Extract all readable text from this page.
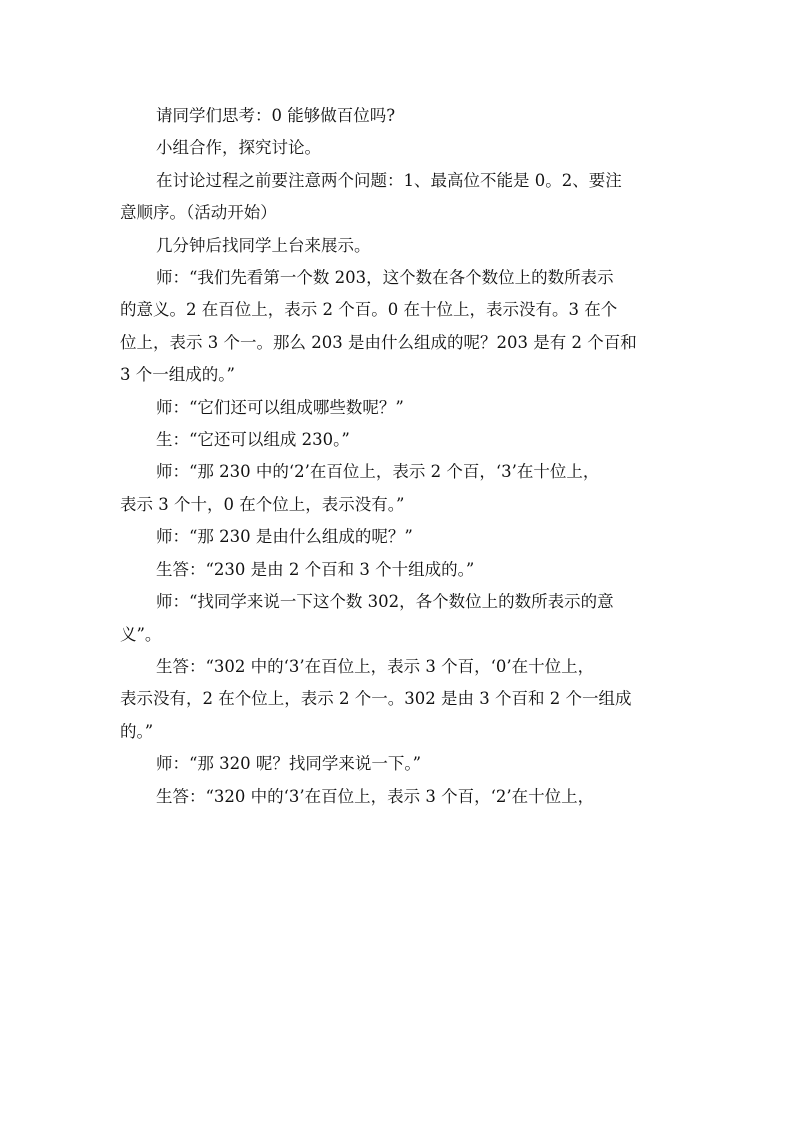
请同学们思考：0 能够做百位吗?

小组合作，探究讨论。

在讨论过程之前要注意两个问题：1、最高位不能是 0。2、要注
意顺序。（活动开始）

几分钟后找同学上台来展示。

师：“我们先看第一个数 203，这个数在各个数位上的数所表示
的意义。2 在百位上，表示 2 个百。0 在十位上，表示没有。3 在个
位上，表示 3 个一。那么 203 是由什么组成的呢？203 是有 2 个百和
3 个一组成的。”

师：“它们还可以组成哪些数呢？”

生：“它还可以组成 230。”

师：“那 230 中的‘2’在百位上，表示 2 个百，‘3’在十位上，
表示 3 个十，0 在个位上，表示没有。”

师：“那 230 是由什么组成的呢？”

生答：“230 是由 2 个百和 3 个十组成的。”

师：“找同学来说一下这个数 302，各个数位上的数所表示的意
义”。

生答：“302 中的‘3’在百位上，表示 3 个百，‘0’在十位上，
表示没有，2 在个位上，表示 2 个一。302 是由 3 个百和 2 个一组成
的。”

师：“那 320 呢？找同学来说一下。”

生答：“320 中的‘3’在百位上，表示 3 个百，‘2’在十位上，
